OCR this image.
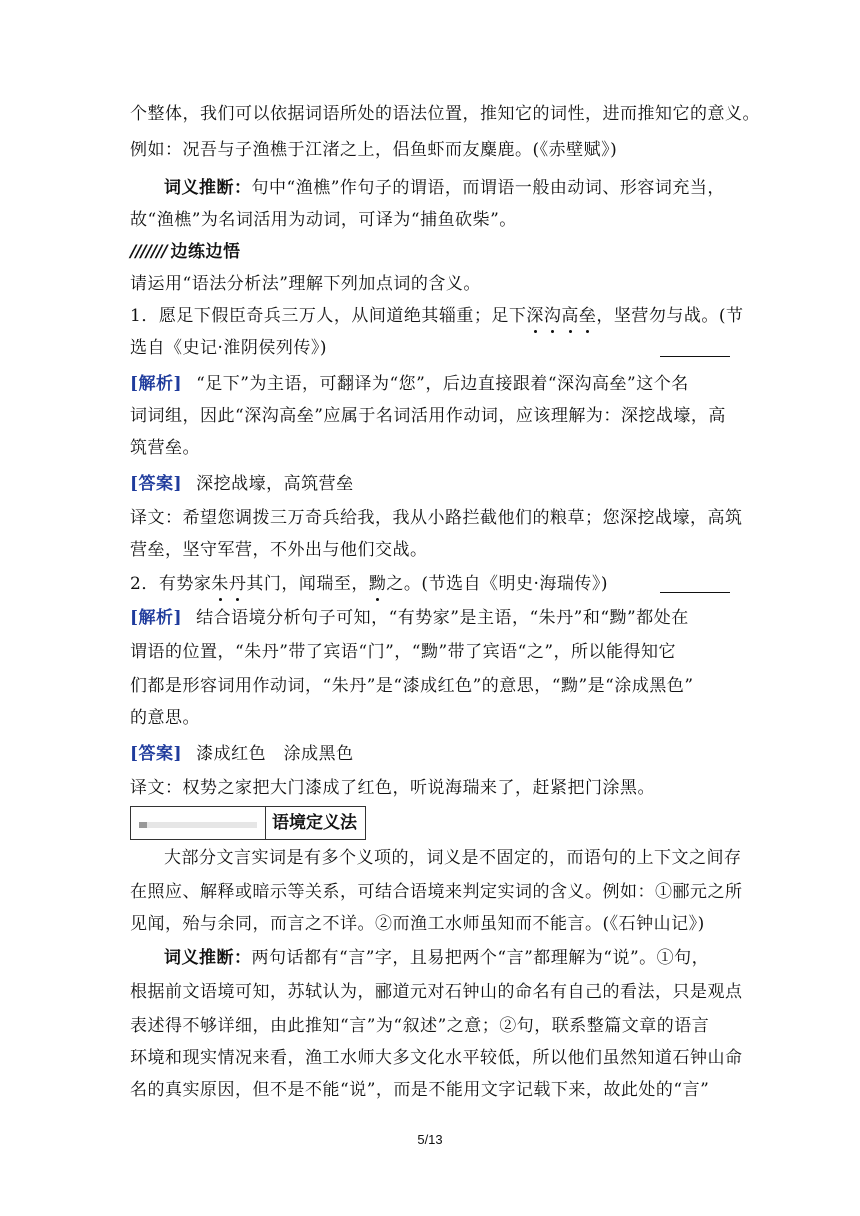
个整体，我们可以依据词语所处的语法位置，推知它的词性，进而推知它的意义。
例如：况吾与子渔樵于江渚之上，侣鱼虾而友麋鹿。(《赤壁赋》)
词义推断：句中“渔樵”作句子的谓语，而谓语一般由动词、形容词充当，
故“渔樵”为名词活用为动词，可译为“捕鱼砍柴”。
/////// 边练边悟
请运用“语法分析法”理解下列加点词的含义。
1．愿足下假臣奇兵三万人，从间道绝其辎重；足下深沟高垒，坚营勿与战。(节
选自《史记·淮阴侯列传》)
[解析] “足下”为主语，可翻译为“您”，后边直接跟着“深沟高垒”这个名
词词组，因此“深沟高垒”应属于名词活用作动词，应该理解为：深挖战壕，高
筑营垒。
[答案] 深挖战壕，高筑营垒
译文：希望您调拨三万奇兵给我，我从小路拦截他们的粮草；您深挖战壕，高筑
营垒，坚守军营，不外出与他们交战。
2．有势家朱丹其门，闻瑞至，黝之。(节选自《明史·海瑞传》)
[解析] 结合语境分析句子可知，“有势家”是主语，“朱丹”和“黝”都处在
谓语的位置，“朱丹”带了宾语“门”，“黝”带了宾语“之”，所以能得知它
们都是形容词用作动词，“朱丹”是“漆成红色”的意思，“黝”是“涂成黑色”
的意思。
[答案] 漆成红色　涂成黑色
译文：权势之家把大门漆成了红色，听说海瑞来了，赶紧把门涂黑。
语境定义法
大部分文言实词是有多个义项的，词义是不固定的，而语句的上下文之间存
在照应、解释或暗示等关系，可结合语境来判定实词的含义。例如：①郦元之所
见闻，殆与余同，而言之不详。②而渔工水师虽知而不能言。(《石钟山记》)
词义推断：两句话都有“言”字，且易把两个“言”都理解为“说”。①句，
根据前文语境可知，苏轼认为，郦道元对石钟山的命名有自己的看法，只是观点
表述得不够详细，由此推知“言”为“叙述”之意；②句，联系整篇文章的语言
环境和现实情况来看，渔工水师大多文化水平较低，所以他们虽然知道石钟山命
名的真实原因，但不是不能“说”，而是不能用文字记载下来，故此处的“言”
5/13
